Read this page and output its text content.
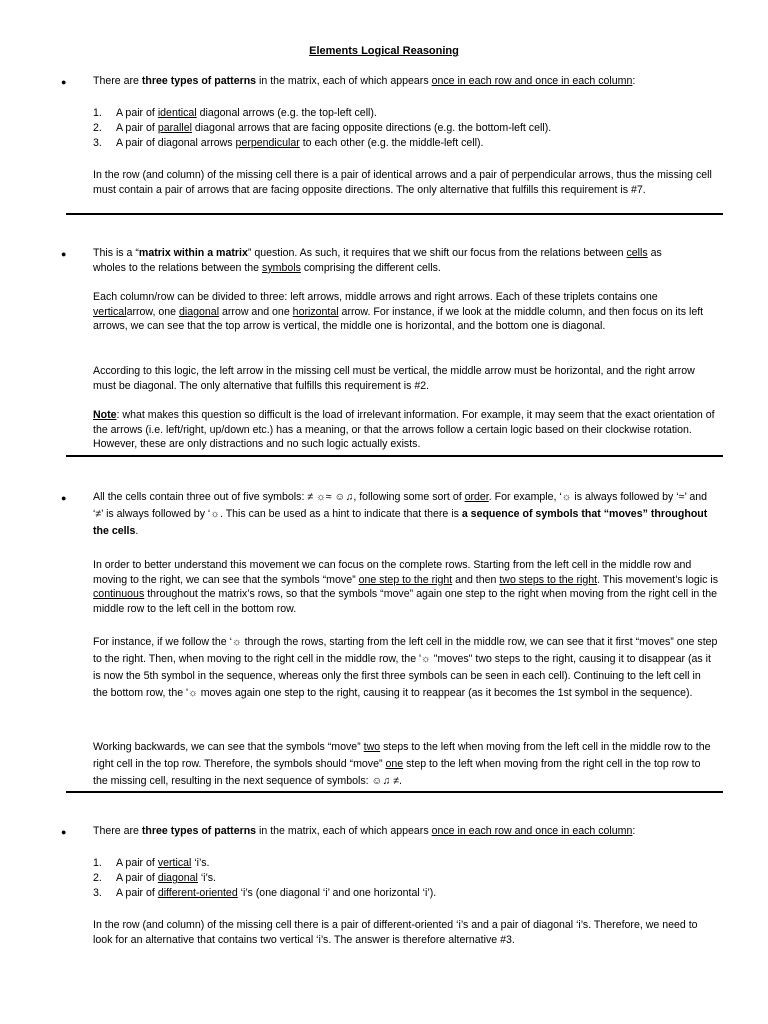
Elements Logical Reasoning
●	There are three types of patterns in the matrix, each of which appears once in each row and once in each column:
1. A pair of identical diagonal arrows (e.g. the top-left cell).
2. A pair of parallel diagonal arrows that are facing opposite directions (e.g. the bottom-left cell).
3. A pair of diagonal arrows perpendicular to each other (e.g. the middle-left cell).

In the row (and column) of the missing cell there is a pair of identical arrows and a pair of perpendicular arrows, thus the missing cell must contain a pair of arrows that are facing opposite directions. The only alternative that fulfills this requirement is #7.

●	This is a “matrix within a matrix” question. As such, it requires that we shift our focus from the relations between cells as wholes to the relations between the symbols comprising the different cells.
Each column/row can be divided to three: left arrows, middle arrows and right arrows. Each of these triplets contains one verticalarrow, one diagonal arrow and one horizontal arrow. For instance, if we look at the middle column, and then focus on its left arrows, we can see that the top arrow is vertical, the middle one is horizontal, and the bottom one is diagonal.

According to this logic, the left arrow in the missing cell must be vertical, the middle arrow must be horizontal, and the right arrow must be diagonal. The only alternative that fulfills this requirement is #2.

Note: what makes this question so difficult is the load of irrelevant information. For example, it may seem that the exact orientation of the arrows (i.e. left/right, up/down etc.) has a meaning, or that the arrows follow a certain logic based on their clockwise rotation. However, these are only distractions and no such logic actually exists.
●	All the cells contain three out of five symbols: ≠ ☼≈ ☺♫, following some sort of order. For example, ‘☼ is always followed by ‘≈’ and ‘≠’ is always followed by ‘☼. This can be used as a hint to indicate that there is a sequence of symbols that “moves” throughout the cells.
In order to better understand this movement we can focus on the complete rows. Starting from the left cell in the middle row and moving to the right, we can see that the symbols “move” one step to the right and then two steps to the right. This movement’s logic is continuous throughout the matrix’s rows, so that the symbols “move” again one step to the right when moving from the right cell in the middle row to the left cell in the bottom row.

For instance, if we follow the ‘☼ through the rows, starting from the left cell in the middle row, we can see that it first “moves” one step to the right. Then, when moving to the right cell in the middle row, the '☼ "moves" two steps to the right, causing it to disappear (as it is now the 5th symbol in the sequence, whereas only the first three symbols can be seen in each cell). Continuing to the left cell in the bottom row, the '☼ moves again one step to the right, causing it to reappear (as it becomes the 1st symbol in the sequence).

Working backwards, we can see that the symbols “move” two steps to the left when moving from the left cell in the middle row to the right cell in the top row. Therefore, the symbols should “move” one step to the left when moving from the right cell in the top row to the missing cell, resulting in the next sequence of symbols: ☺♫ ≠.
●	There are three types of patterns in the matrix, each of which appears once in each row and once in each column:
1. A pair of vertical ‘i’s.
2. A pair of diagonal ‘i’s.
3. A pair of different-oriented ‘i’s (one diagonal ‘i’ and one horizontal ‘i’).

In the row (and column) of the missing cell there is a pair of different-oriented ‘i’s and a pair of diagonal ‘i’s. Therefore, we need to look for an alternative that contains two vertical ‘i’s. The answer is therefore alternative #3.
